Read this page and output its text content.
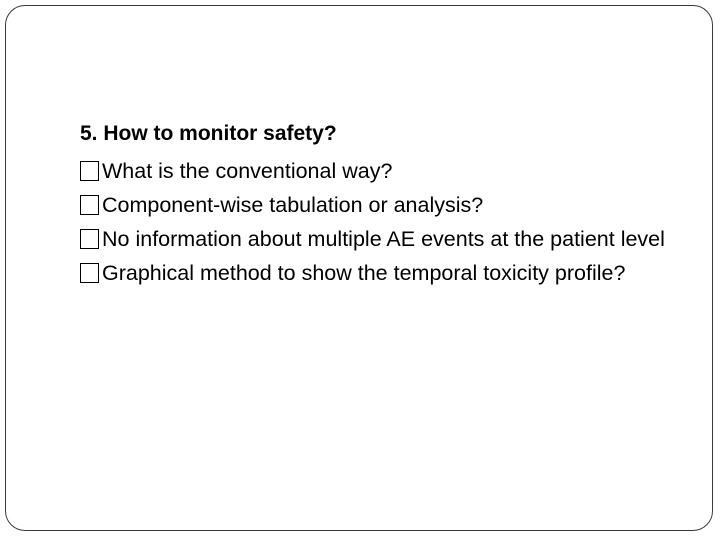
5. How to monitor safety?

What is the conventional way?
Component-wise tabulation or analysis?
No information about multiple AE events at the patient level
Graphical method to show the temporal toxicity profile?
